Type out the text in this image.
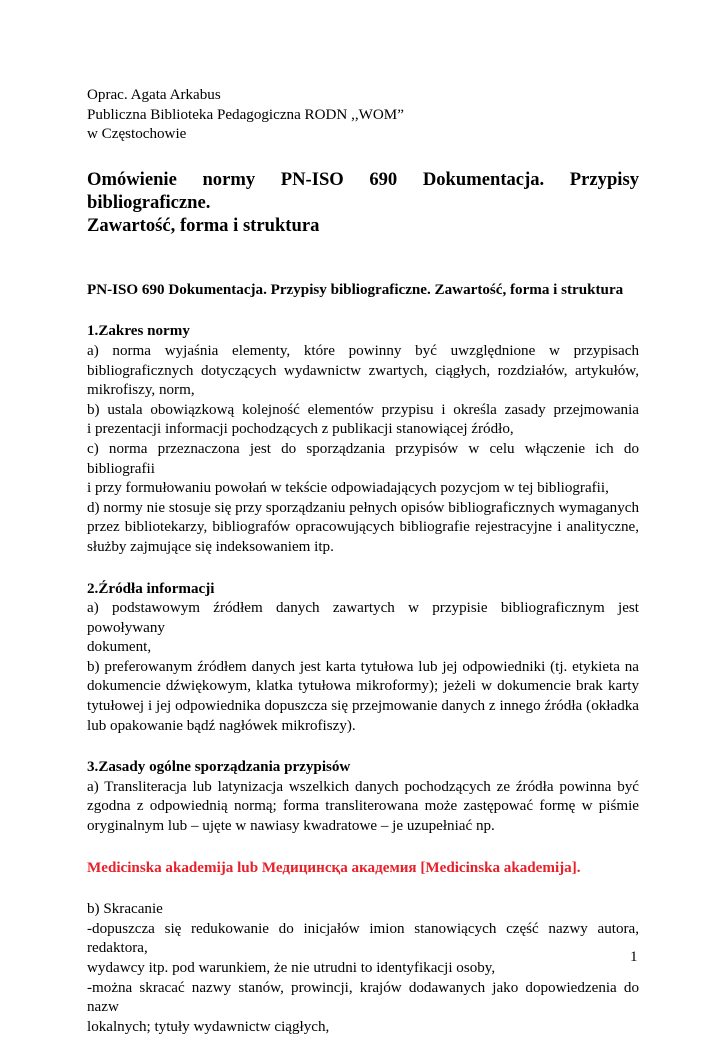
Oprac. Agata Arkabus

Publiczna Biblioteka Pedagogiczna RODN ,,WOM”

w Częstochowie

Omówienie normy PN-ISO 690 Dokumentacja. Przypisy bibliograficzne.
Zawartość, forma i struktura

PN-ISO 690 Dokumentacja. Przypisy bibliograficzne. Zawartość, forma i struktura

1.Zakres normy

a) norma wyjaśnia elementy, które powinny być uwzględnione w przypisach
bibliograficznych dotyczących wydawnictw zwartych, ciągłych, rozdziałów, artykułów,
mikrofiszy, norm,
b) ustala obowiązkową kolejność elementów przypisu i określa zasady przejmowania
i prezentacji informacji pochodzących z publikacji stanowiącej źródło,
c) norma przeznaczona jest do sporządzania przypisów w celu włączenie ich do bibliografii
i przy formułowaniu powołań w tekście odpowiadających pozycjom w tej bibliografii,
d) normy nie stosuje się przy sporządzaniu pełnych opisów bibliograficznych wymaganych
przez bibliotekarzy, bibliografów opracowujących bibliografie rejestracyjne i analityczne,
służby zajmujące się indeksowaniem itp.

2.Źródła informacji

a) podstawowym źródłem danych zawartych w przypisie bibliograficznym jest powoływany
dokument,
b) preferowanym źródłem danych jest karta tytułowa lub jej odpowiedniki (tj. etykieta na
dokumencie dźwiękowym, klatka tytułowa mikroformy); jeżeli w dokumencie brak karty
tytułowej i jej odpowiednika dopuszcza się przejmowanie danych z innego źródła (okładka
lub opakowanie bądź nagłówek mikrofiszy).

3.Zasady ogólne sporządzania przypisów

a) Transliteracja lub latynizacja wszelkich danych pochodzących ze źródła powinna być
zgodna z odpowiednią normą; forma transliterowana może zastępować formę w piśmie
oryginalnym lub – ujęte w nawiasy kwadratowe – je uzupełniać np.

Medicinska akademija lub Медицинсқа академия [Medicinska akademija].

b) Skracanie

-dopuszcza się redukowanie do inicjałów imion stanowiących część nazwy autora, redaktora,
wydawcy itp. pod warunkiem, że nie utrudni to identyfikacji osoby,
-można skracać nazwy stanów, prowincji, krajów dodawanych jako dopowiedzenia do nazw
lokalnych; tytuły wydawnictw ciągłych,

1
